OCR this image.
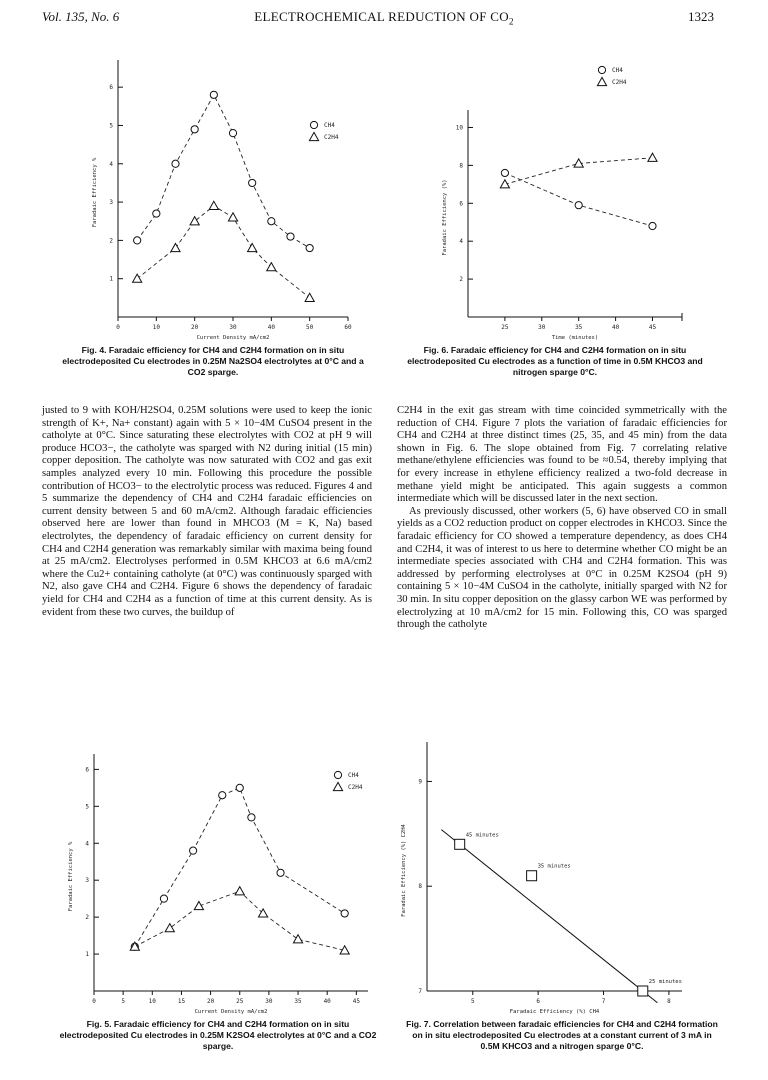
Vol. 135, No. 6	ELECTROCHEMICAL REDUCTION OF $CO_2$	1323
0	10	20	30	40	50	60
1
2
3
4
5
6
Current Density mA/cm2
Faradaic Efficiency %
CH4
C2H4
Fig. 4. Faradaic efficiency for CH4 and C2H4 formation on in situ electrodeposited Cu electrodes in 0.25M Na2SO4 electrolytes at 0°C and a CO2 sparge.
25	30	35	40	45
2
4
6
8
10
Time (minutes)
Faradaic Efficiency (%)
CH4
C2H4
Fig. 6. Faradaic efficiency for CH4 and C2H4 formation on in situ electrodeposited Cu electrodes as a function of time in 0.5M KHCO3 and nitrogen sparge 0°C.
justed to 9 with KOH/H2SO4, 0.25M solutions were used to keep the ionic strength of K+, Na+ constant) again with 5 × 10−4M CuSO4 present in the catholyte at 0°C. Since saturating these electrolytes with CO2 at pH 9 will produce HCO3−, the catholyte was sparged with N2 during initial (15 min) copper deposition. The catholyte was now saturated with CO2 and gas exit samples analyzed every 10 min. Following this procedure the possible contribution of HCO3− to the electrolytic process was reduced. Figures 4 and 5 summarize the dependency of CH4 and C2H4 faradaic efficiencies on current density between 5 and 60 mA/cm2. Although faradaic efficiencies observed here are lower than found in MHCO3 (M = K, Na) based electrolytes, the dependency of faradaic efficiency on current density for CH4 and C2H4 generation was remarkably similar with maxima being found at 25 mA/cm2. Electrolyses performed in 0.5M KHCO3 at 6.6 mA/cm2 where the Cu2+ containing catholyte (at 0°C) was continuously sparged with N2, also gave CH4 and C2H4. Figure 6 shows the dependency of faradaic yield for CH4 and C2H4 as a function of time at this current density. As is evident from these two curves, the buildup of

C2H4 in the exit gas stream with time coincided symmetrically with the reduction of CH4. Figure 7 plots the variation of faradaic efficiencies for CH4 and C2H4 at three distinct times (25, 35, and 45 min) from the data shown in Fig. 6. The slope obtained from Fig. 7 correlating relative methane/ethylene efficiencies was found to be ≈0.54, thereby implying that for every increase in ethylene efficiency realized a two-fold decrease in methane yield might be anticipated. This again suggests a common intermediate which will be discussed later in the next section.

As previously discussed, other workers (5, 6) have observed CO in small yields as a CO2 reduction product on copper electrodes in KHCO3. Since the faradaic efficiency for CO showed a temperature dependency, as does CH4 and C2H4, it was of interest to us here to determine whether CO might be an intermediate species associated with CH4 and C2H4 formation. This was addressed by performing electrolyses at 0°C in 0.25M K2SO4 (pH 9) containing 5 × 10−4M CuSO4 in the catholyte, initially sparged with N2 for 30 min. In situ copper deposition on the glassy carbon WE was performed by electrolyzing at 10 mA/cm2 for 15 min. Following this, CO was sparged through the catholyte

0	5	10	15	20	25	30	35	40	45
1
2
3
4
5
6
Current Density mA/cm2
Faradaic Efficiency %
CH4
C2H4
Fig. 5. Faradaic efficiency for CH4 and C2H4 formation on in situ electrodeposited Cu electrodes in 0.25M K2SO4 electrolytes at 0°C and a CO2 sparge.
5	6	7	8
7
8
9
Faradaic Efficiency (%) CH4
Faradaic Efficiency (%) C2H4	45 minutes
35 minutes
25 minutes
Fig. 7. Correlation between faradaic efficiencies for CH4 and C2H4 formation on in situ electrodeposited Cu electrodes at a constant current of 3 mA in 0.5M KHCO3 and a nitrogen sparge 0°C.
